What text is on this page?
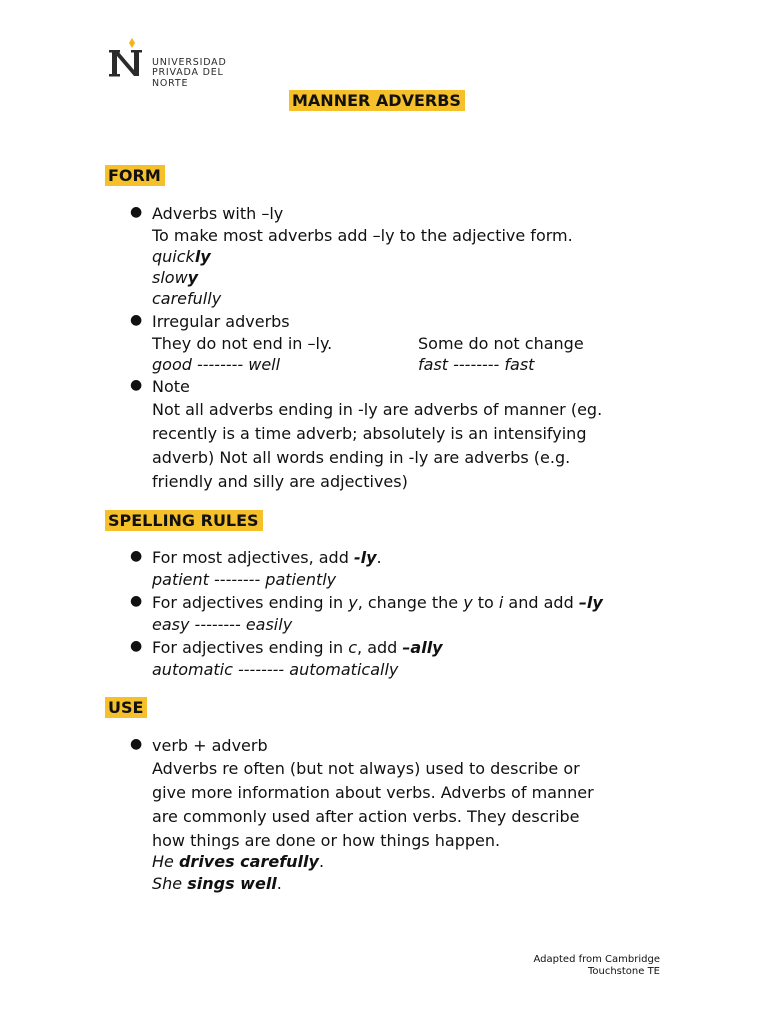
UNIVERSIDAD
PRIVADA DEL NORTE
MANNER ADVERBS
FORM
● Adverbs with –ly
To make most adverbs add –ly to the adjective form.
quickly
slowy
carefully
● Irregular adverbs
They do not end in –ly.	Some do not change
good -------- well	fast -------- fast
● Note
Not all adverbs ending in -ly are adverbs of manner (eg.
recently is a time adverb; absolutely is an intensifying
adverb) Not all words ending in -ly are adverbs (e.g.
friendly and silly are adjectives)
SPELLING RULES
● For most adjectives, add -ly.
patient -------- patiently
● For adjectives ending in y, change the y to i and add –ly
easy -------- easily
● For adjectives ending in c, add –ally
automatic -------- automatically
USE
● verb + adverb
Adverbs re often (but not always) used to describe or
give more information about verbs. Adverbs of manner
are commonly used after action verbs. They describe
how things are done or how things happen.
He drives carefully.
She sings well.
Adapted from Cambridge
Touchstone TE
